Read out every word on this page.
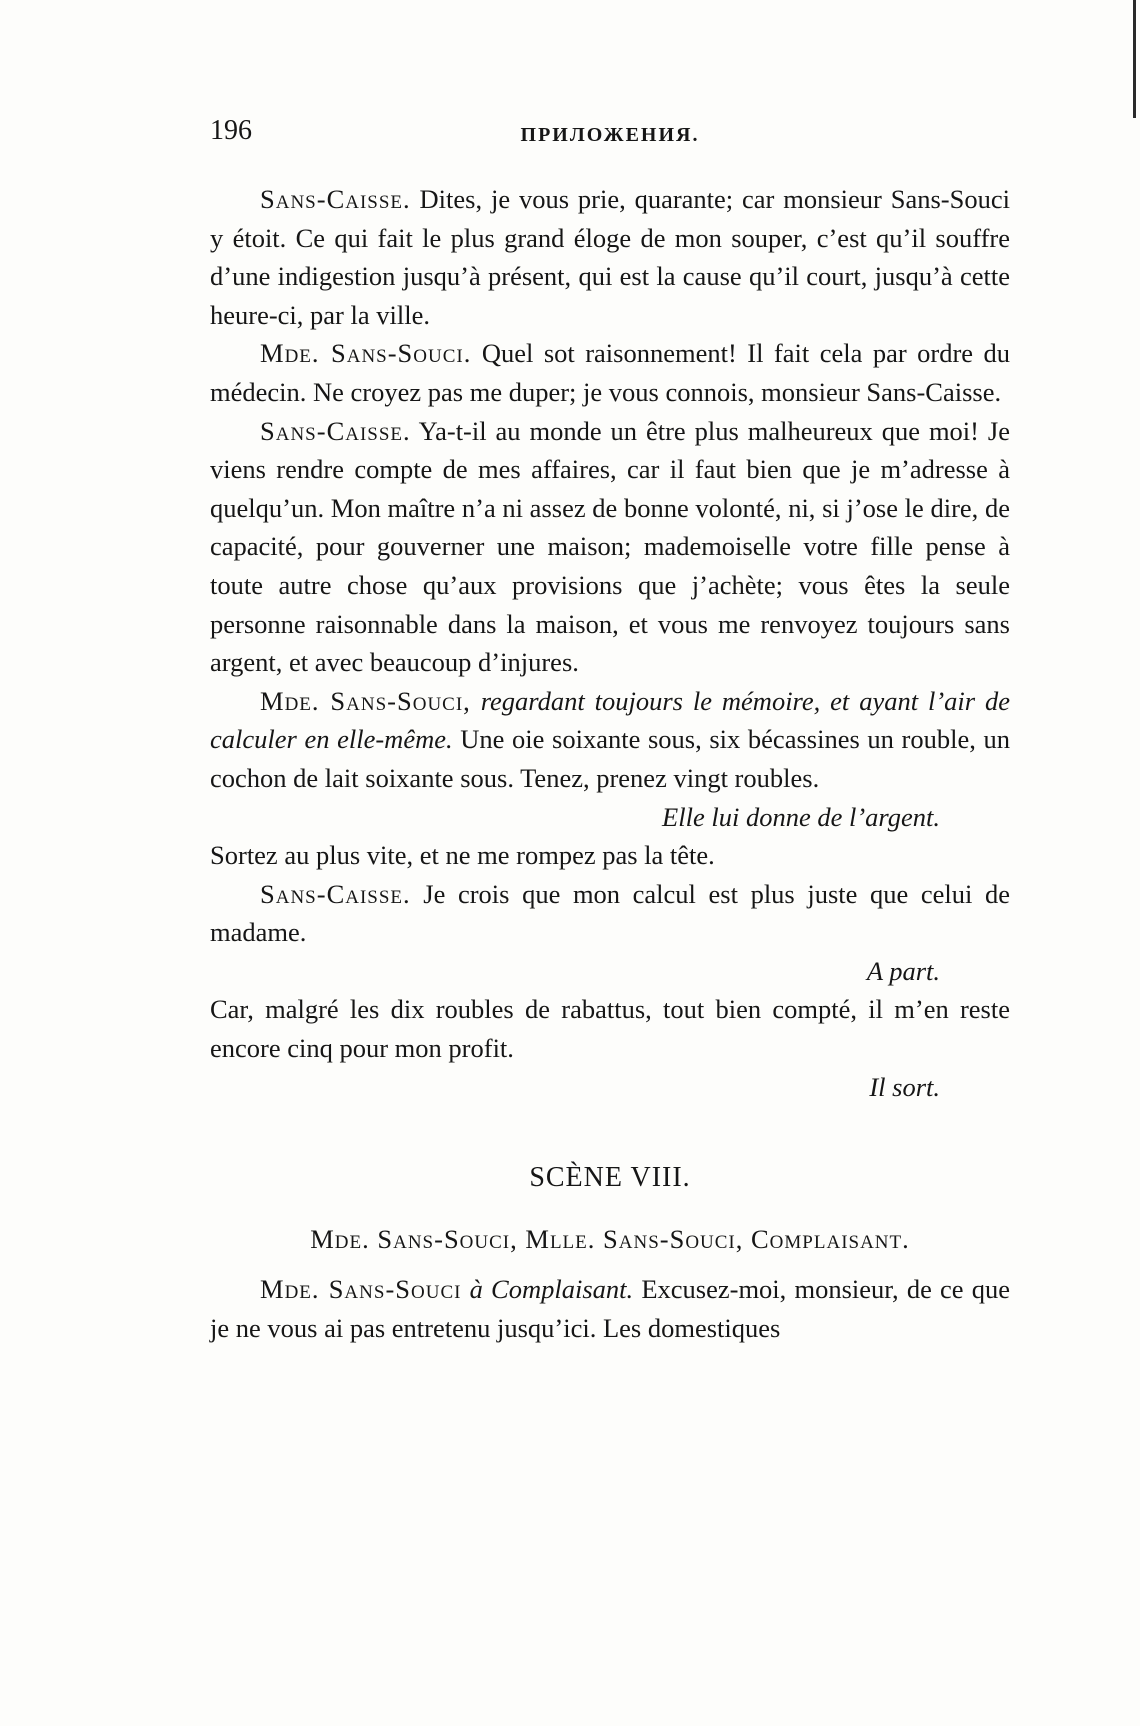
196	ПРИЛОЖЕНИЯ.

Sans-Caisse. Dites, je vous prie, quarante; car monsieur Sans-Souci y étoit. Ce qui fait le plus grand éloge de mon souper, c’est qu’il souffre d’une indigestion jusqu’à présent, qui est la cause qu’il court, jusqu’à cette heure-ci, par la ville.

Mde. Sans-Souci. Quel sot raisonnement! Il fait cela par ordre du médecin. Ne croyez pas me duper; je vous connois, monsieur Sans-Caisse.

Sans-Caisse. Ya-t-il au monde un être plus malheureux que moi! Je viens rendre compte de mes affaires, car il faut bien que je m’adresse à quelqu’un. Mon maître n’a ni assez de bonne volonté, ni, si j’ose le dire, de capacité, pour gouverner une maison; mademoiselle votre fille pense à toute autre chose qu’aux provisions que j’achète; vous êtes la seule personne raisonnable dans la maison, et vous me renvoyez toujours sans argent, et avec beaucoup d’injures.

Mde. Sans-Souci, regardant toujours le mémoire, et ayant l’air de calculer en elle-même. Une oie soixante sous, six bécassines un rouble, un cochon de lait soixante sous. Tenez, prenez vingt roubles.

Elle lui donne de l’argent.

Sortez au plus vite, et ne me rompez pas la tête.

Sans-Caisse. Je crois que mon calcul est plus juste que celui de madame.

A part.

Car, malgré les dix roubles de rabattus, tout bien compté, il m’en reste encore cinq pour mon profit.

Il sort.

SCÈNE VIII.
Mde. Sans-Souci, Mlle. Sans-Souci, Complaisant.

Mde. Sans-Souci à Complaisant. Excusez-moi, monsieur, de ce que je ne vous ai pas entretenu jusqu’ici. Les domestiques
